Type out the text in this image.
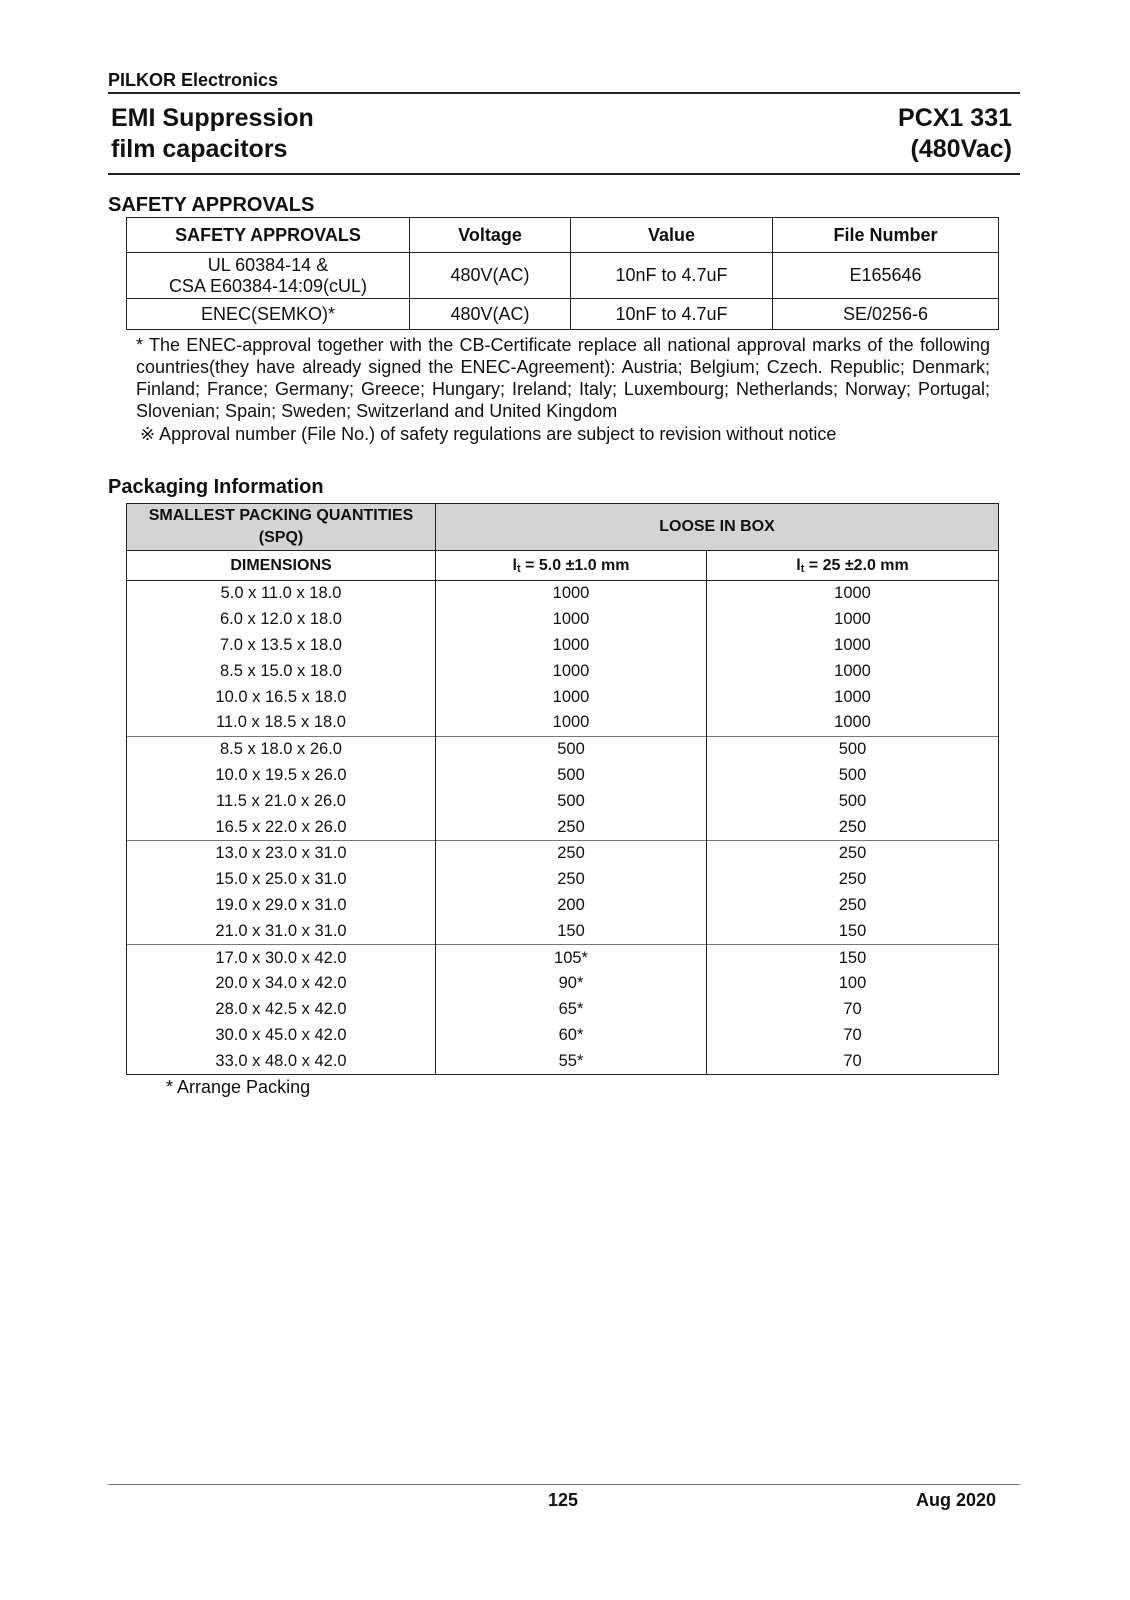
PILKOR Electronics
EMI Suppression
film capacitors
PCX1 331
(480Vac)
SAFETY APPROVALS
SAFETY APPROVALS	Voltage	Value	File Number

UL 60384-14 &
CSA E60384-14:09(cUL)	480V(AC)	10nF to 4.7uF	E165646
ENEC(SEMKO)*	480V(AC)	10nF to 4.7uF	SE/0256-6
* The ENEC-approval together with the CB-Certificate replace all national approval marks of the following countries(they have already signed the ENEC-Agreement): Austria; Belgium; Czech. Republic; Denmark; Finland; France; Germany; Greece; Hungary; Ireland; Italy; Luxembourg; Netherlands; Norway; Portugal; Slovenian; Spain; Sweden; Switzerland and United Kingdom
※ Approval number (File No.) of safety regulations are subject to revision without notice
Packaging Information
SMALLEST PACKING QUANTITIES (SPQ)	LOOSE IN BOX	
DIMENSIONS	lt = 5.0 ±1.0 mm	lt = 25 ±2.0 mm
5.0 x 11.0 x 18.0	1000	1000
6.0 x 12.0 x 18.0	1000	1000
7.0 x 13.5 x 18.0	1000	1000
8.5 x 15.0 x 18.0	1000	1000
10.0 x 16.5 x 18.0	1000	1000
11.0 x 18.5 x 18.0	1000	1000
8.5 x 18.0 x 26.0	500	500
10.0 x 19.5 x 26.0	500	500
11.5 x 21.0 x 26.0	500	500
16.5 x 22.0 x 26.0	250	250
13.0 x 23.0 x 31.0	250	250
15.0 x 25.0 x 31.0	250	250
19.0 x 29.0 x 31.0	200	250
21.0 x 31.0 x 31.0	150	150
17.0 x 30.0 x 42.0	105*	150
20.0 x 34.0 x 42.0	90*	100
28.0 x 42.5 x 42.0	65*	70
30.0 x 45.0 x 42.0	60*	70
33.0 x 48.0 x 42.0	55*	70
* Arrange Packing
125	Aug 2020
